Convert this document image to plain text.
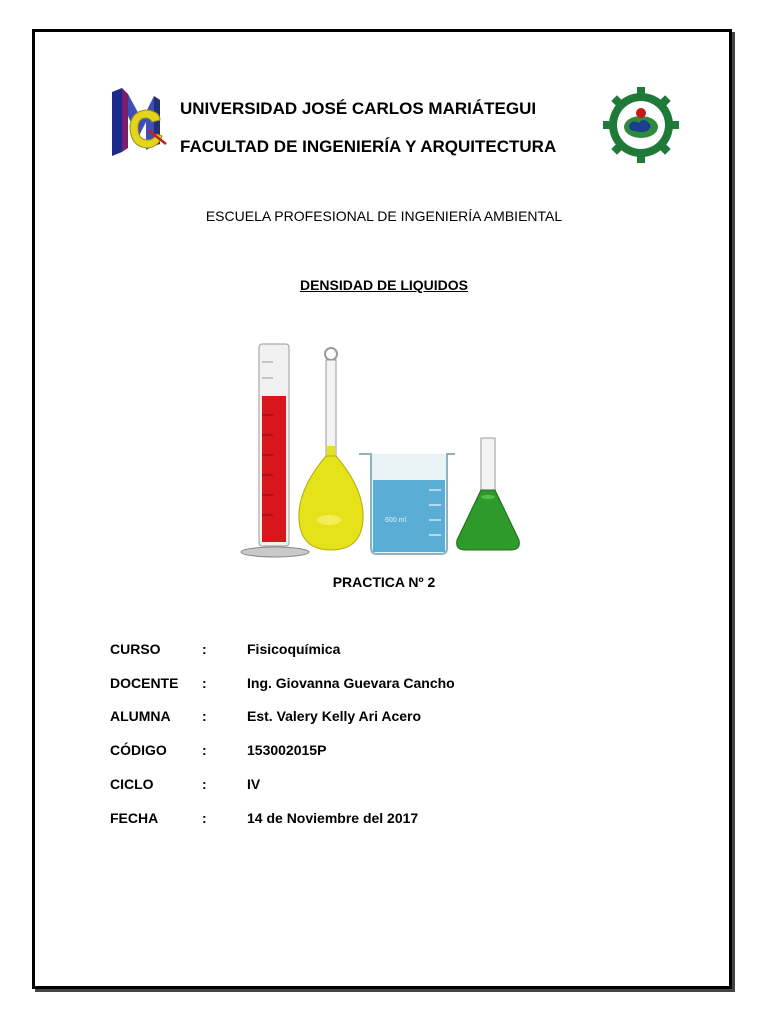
UNIVERSIDAD JOSÉ CARLOS MARIÁTEGUI
FACULTAD DE INGENIERÍA Y ARQUITECTURA
ESCUELA PROFESIONAL DE INGENIERÍA AMBIENTAL
DENSIDAD DE LIQUIDOS
600 ml
PRACTICA Nº 2
CURSO	:	Fisicoquímica
DOCENTE :	Ing. Giovanna Guevara Cancho
ALUMNA :	Est. Valery Kelly Ari Acero
CÓDIGO	:	153002015P
CICLO	:	IV
FECHA	:	14 de Noviembre del 2017
